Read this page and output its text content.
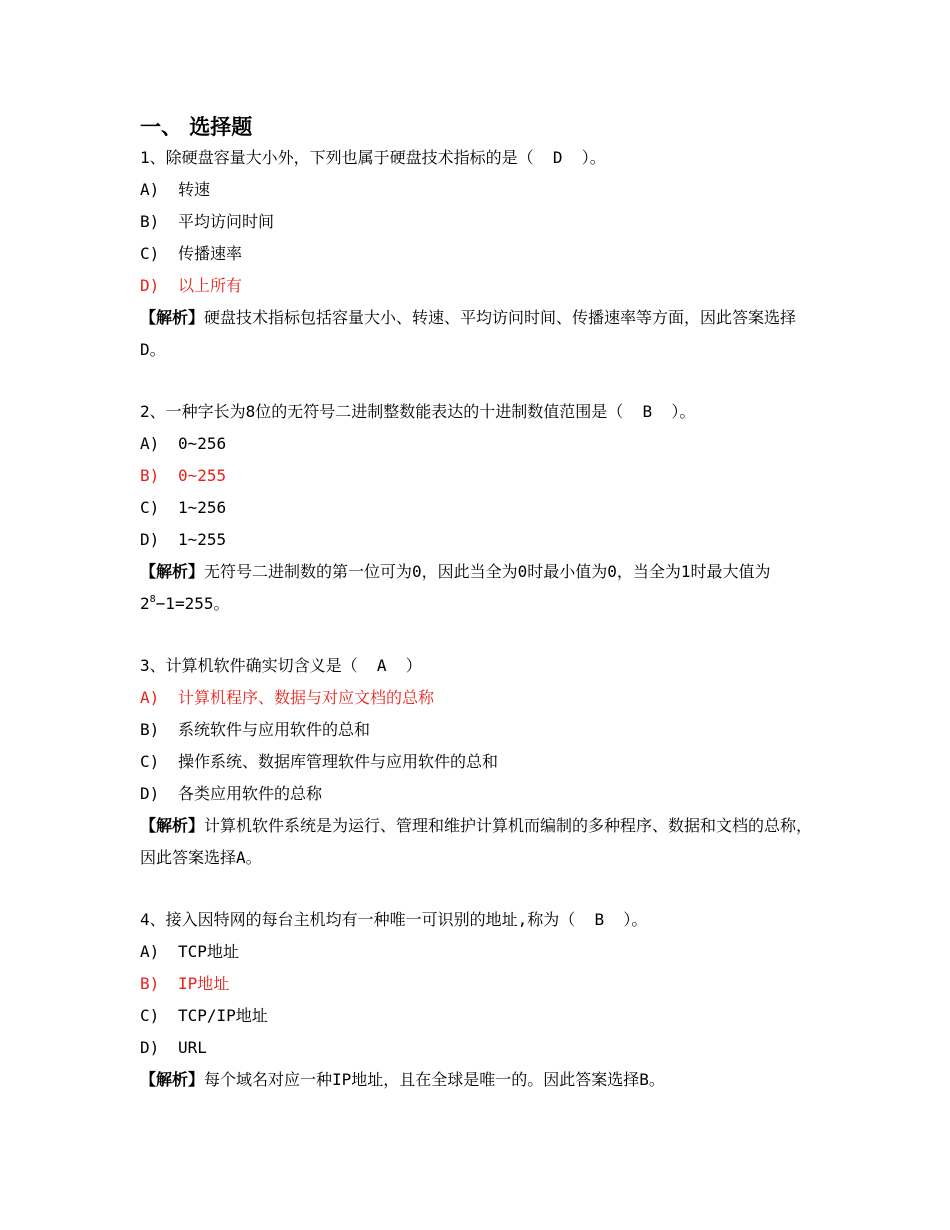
一、 选择题
1、除硬盘容量大小外，下列也属于硬盘技术指标的是（  D  ）。
A)	转速
B)	平均访问时间
C)	传播速率
D)	以上所有
【解析】硬盘技术指标包括容量大小、转速、平均访问时间、传播速率等方面，因此答案选择D。
2、一种字长为8位的无符号二进制整数能表达的十进制数值范围是（  B  ）。
A)	0~256
B)	0~255
C)	1~256
D)	1~255
【解析】无符号二进制数的第一位可为0，因此当全为0时最小值为0，当全为1时最大值为$2^8-1=255$。
3、计算机软件确实切含义是（  A  ）
A)	计算机程序、数据与对应文档的总称
B)	系统软件与应用软件的总和
C)	操作系统、数据库管理软件与应用软件的总和
D)	各类应用软件的总称
【解析】计算机软件系统是为运行、管理和维护计算机而编制的多种程序、数据和文档的总称，因此答案选择A。
4、接入因特网的每台主机均有一种唯一可识别的地址,称为（  B  ）。
A)	TCP地址
B)	IP地址
C)	TCP/IP地址
D)	URL
【解析】每个域名对应一种IP地址，且在全球是唯一的。因此答案选择B。
